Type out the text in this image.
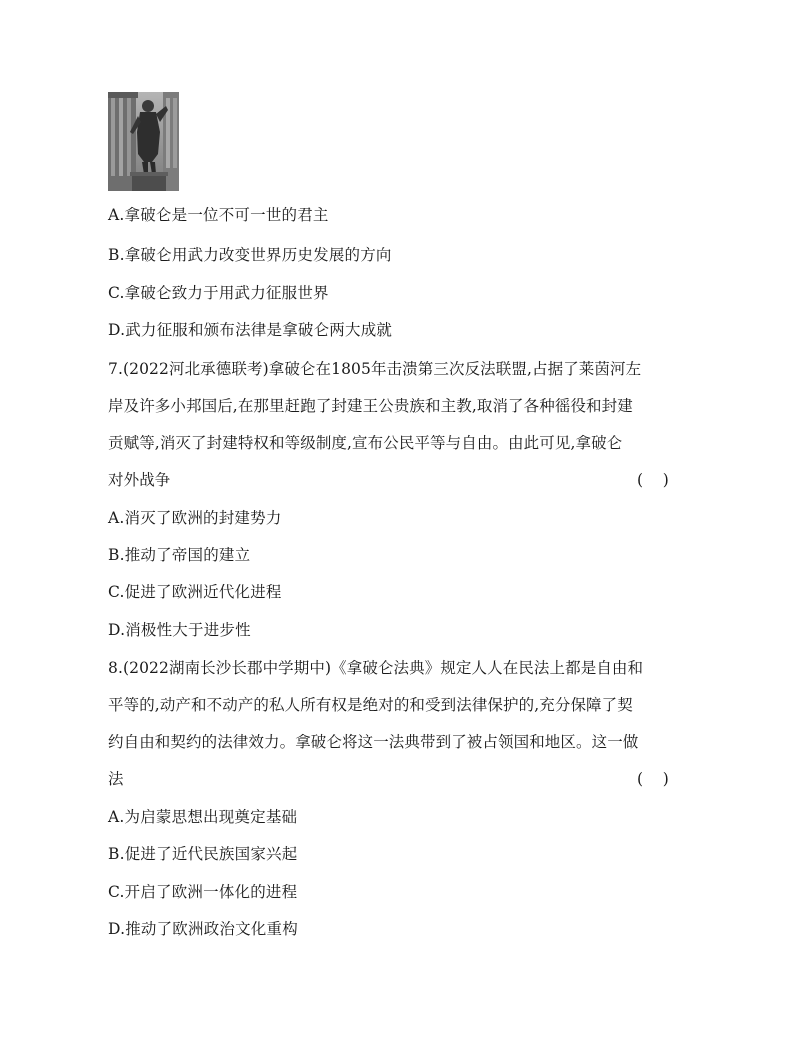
A.拿破仑是一位不可一世的君主
B.拿破仑用武力改变世界历史发展的方向
C.拿破仑致力于用武力征服世界
D.武力征服和颁布法律是拿破仑两大成就
7.(2022河北承德联考)拿破仑在1805年击溃第三次反法联盟,占据了莱茵河左
岸及许多小邦国后,在那里赶跑了封建王公贵族和主教,取消了各种徭役和封建
贡赋等,消灭了封建特权和等级制度,宣布公民平等与自由。由此可见,拿破仑
对外战争	(    )
A.消灭了欧洲的封建势力
B.推动了帝国的建立
C.促进了欧洲近代化进程
D.消极性大于进步性
8.(2022湖南长沙长郡中学期中)《拿破仑法典》规定人人在民法上都是自由和
平等的,动产和不动产的私人所有权是绝对的和受到法律保护的,充分保障了契
约自由和契约的法律效力。拿破仑将这一法典带到了被占领国和地区。这一做
法	(    )
A.为启蒙思想出现奠定基础
B.促进了近代民族国家兴起
C.开启了欧洲一体化的进程
D.推动了欧洲政治文化重构
